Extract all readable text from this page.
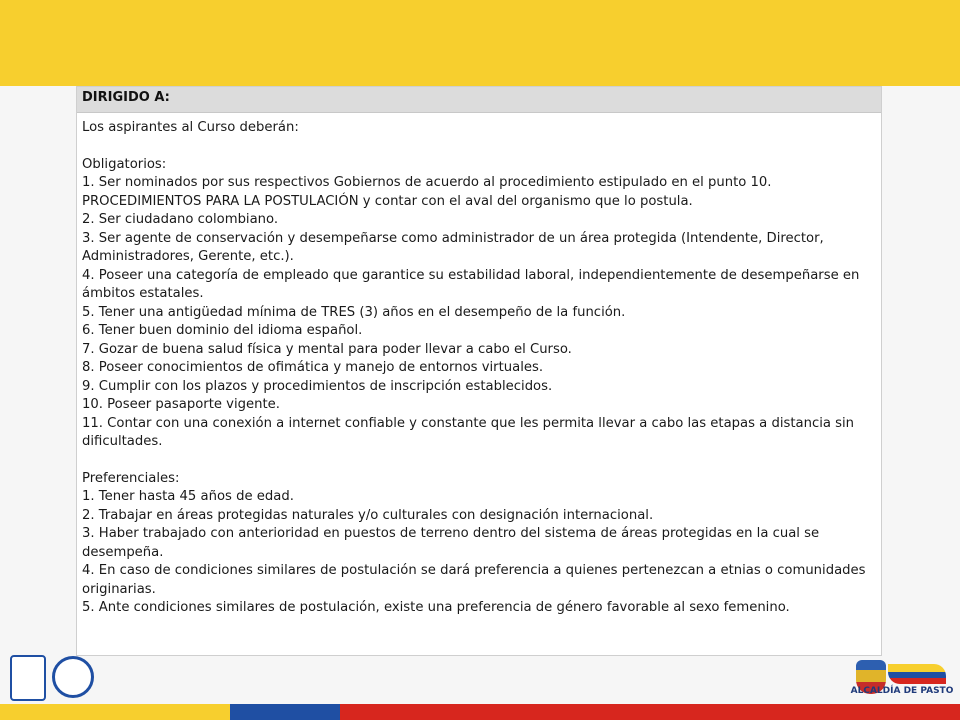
DIRIGIDO A:

Los aspirantes al Curso deberán:

Obligatorios:

1. Ser nominados por sus respectivos Gobiernos de acuerdo al procedimiento estipulado en el punto 10. PROCEDIMIENTOS PARA LA POSTULACIÓN y contar con el aval del organismo que lo postula.

2. Ser ciudadano colombiano.

3. Ser agente de conservación y desempeñarse como administrador de un área protegida (Intendente, Director, Administradores, Gerente, etc.).

4. Poseer una categoría de empleado que garantice su estabilidad laboral, independientemente de desempeñarse en ámbitos estatales.

5. Tener una antigüedad mínima de TRES (3) años en el desempeño de la función.

6. Tener buen dominio del idioma español.

7. Gozar de buena salud física y mental para poder llevar a cabo el Curso.

8. Poseer conocimientos de ofimática y manejo de entornos virtuales.

9. Cumplir con los plazos y procedimientos de inscripción establecidos.

10. Poseer pasaporte vigente.

11. Contar con una conexión a internet confiable y constante que les permita llevar a cabo las etapas a distancia sin dificultades.

Preferenciales:

1. Tener hasta 45 años de edad.

2. Trabajar en áreas protegidas naturales y/o culturales con designación internacional.

3. Haber trabajado con anterioridad en puestos de terreno dentro del sistema de áreas protegidas en la cual se desempeña.

4. En caso de condiciones similares de postulación se dará preferencia a quienes pertenezcan a etnias o comunidades originarias.

5. Ante condiciones similares de postulación, existe una preferencia de género favorable al sexo femenino.

ALCALDÍA DE PASTO
